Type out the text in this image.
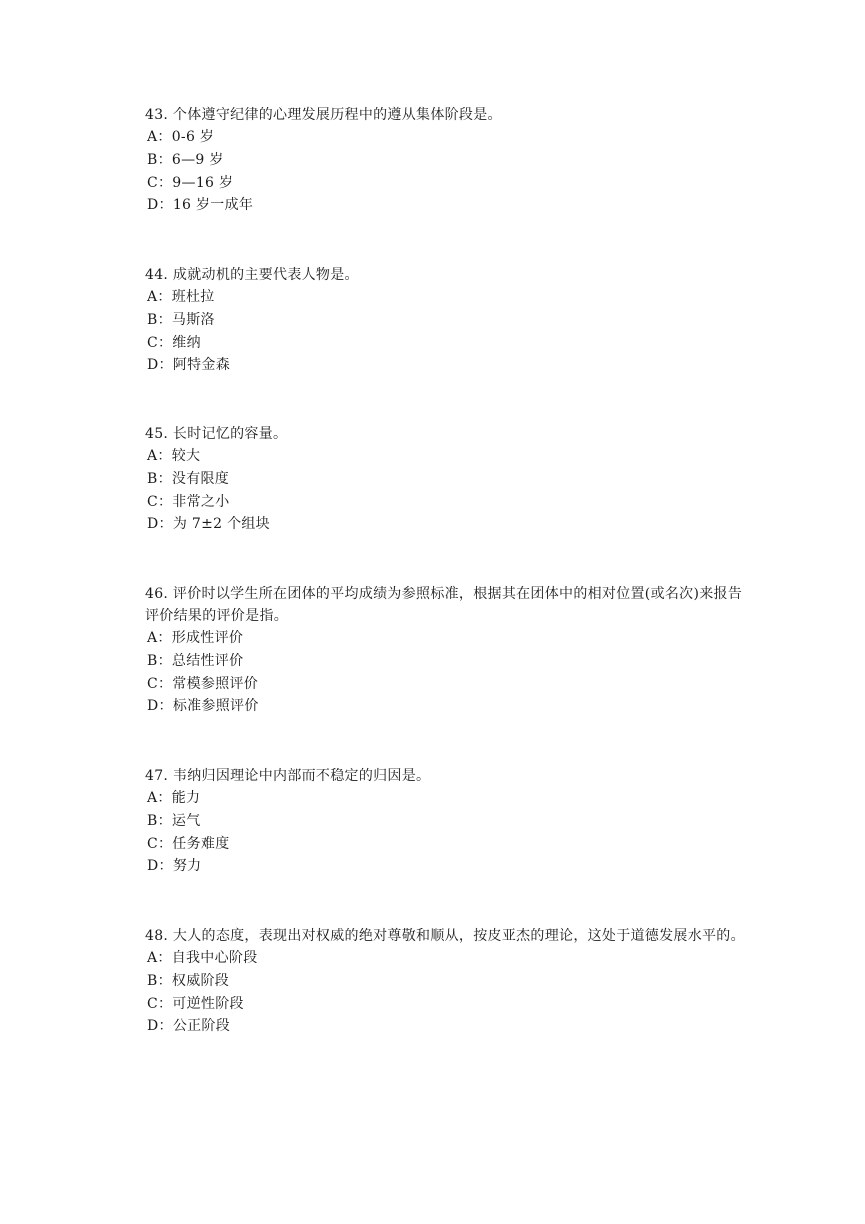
43. 个体遵守纪律的心理发展历程中的遵从集体阶段是。

A：0-6 岁
B：6—9 岁
C：9—16 岁
D：16 岁一成年

44. 成就动机的主要代表人物是。

A：班杜拉
B：马斯洛
C：维纳
D：阿特金森

45. 长时记忆的容量。

A：较大
B：没有限度
C：非常之小
D：为 7±2 个组块

46. 评价时以学生所在团体的平均成绩为参照标准，根据其在团体中的相对位置(或名次)来报告评价结果的评价是指。

A：形成性评价
B：总结性评价
C：常模参照评价
D：标准参照评价

47. 韦纳归因理论中内部而不稳定的归因是。

A：能力
B：运气
C：任务难度
D：努力

48. 大人的态度，表现出对权威的绝对尊敬和顺从，按皮亚杰的理论，这处于道德发展水平的。

A：自我中心阶段
B：权威阶段
C：可逆性阶段
D：公正阶段
